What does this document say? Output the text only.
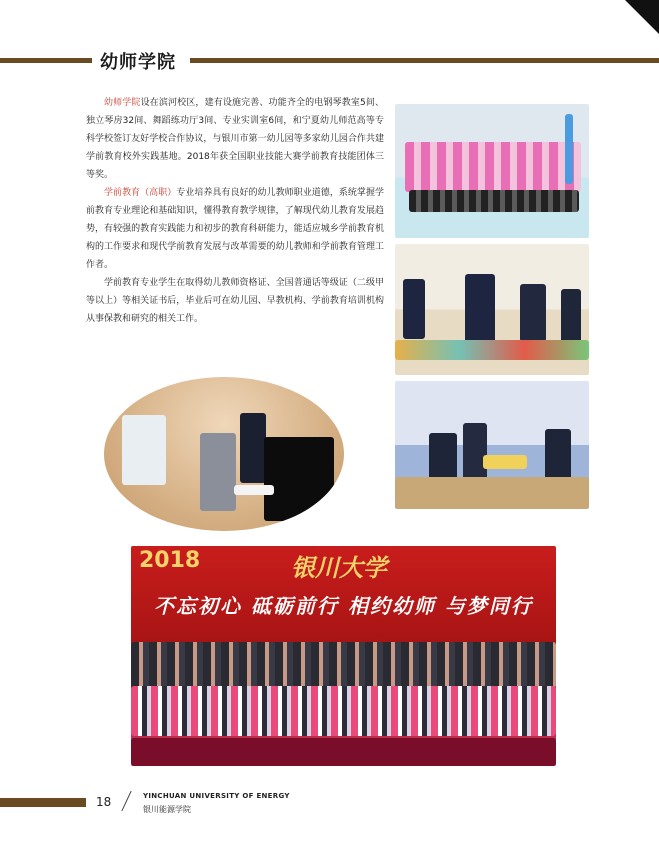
幼师学院

幼师学院设在滨河校区，建有设施完善、功能齐全的电钢琴教室5间、独立琴房32间、舞蹈练功厅3间、专业实训室6间，和宁夏幼儿师范高等专科学校签订友好学校合作协议，与银川市第一幼儿园等多家幼儿园合作共建学前教育校外实践基地。2018年获全国职业技能大赛学前教育技能团体三等奖。

学前教育（高职）专业培养具有良好的幼儿教师职业道德，系统掌握学前教育专业理论和基础知识，懂得教育教学规律，了解现代幼儿教育发展趋势，有较强的教育实践能力和初步的教育科研能力，能适应城乡学前教育机构的工作要求和现代学前教育发展与改革需要的幼儿教师和学前教育管理工作者。

学前教育专业学生在取得幼儿教师资格证、全国普通话等级证（二级甲等以上）等相关证书后，毕业后可在幼儿园、早教机构、学前教育培训机构从事保教和研究的相关工作。

2018	银川大学
不忘初心 砥砺前行 相约幼师 与梦同行
18	YINCHUAN UNIVERSITY OF ENERGY
银川能源学院
